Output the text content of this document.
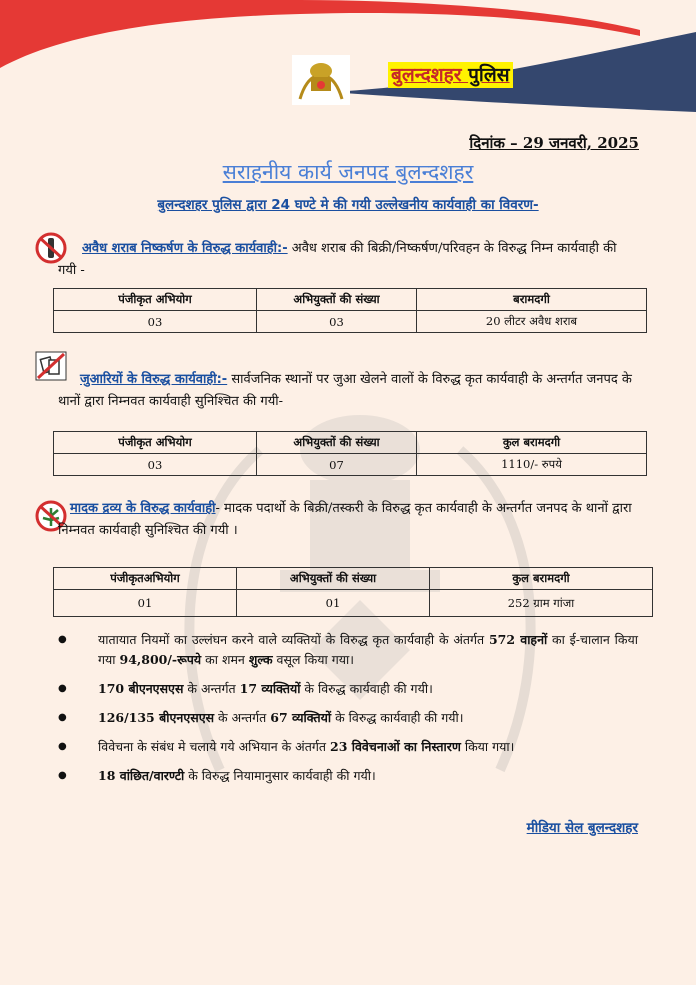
बुलन्दशहर पुलिस
दिनांक – 29 जनवरी, 2025
सराहनीय कार्य जनपद बुलन्दशहर
बुलन्दशहर पुलिस द्वारा 24 घण्टे मे की गयी उल्लेखनीय कार्यवाही का विवरण-
अवैध शराब निष्कर्षण के विरुद्ध कार्यवाही:- अवैध शराब की बिक्री/निष्कर्षण/परिवहन के विरुद्ध निम्न कार्यवाही की गयी -
पंजीकृत अभियोग	अभियुक्तों की संख्या	बरामदगी
03	03	20 लीटर अवैध शराब
जुआरियों के विरुद्ध कार्यवाही:- सार्वजनिक स्थानों पर जुआ खेलने वालों के विरुद्ध कृत कार्यवाही के अन्तर्गत जनपद के थानों द्वारा निम्नवत कार्यवाही सुनिश्चित की गयी-
पंजीकृत अभियोग	अभियुक्तों की संख्या	कुल बरामदगी
03	07	1110/- रुपये
मादक द्रव्य के विरुद्ध कार्यवाही- मादक पदार्थो के बिक्री/तस्करी के विरुद्ध कृत कार्यवाही के अन्तर्गत जनपद के थानों द्वारा निम्नवत कार्यवाही सुनिश्चित की गयी ।
पंजीकृतअभियोग	अभियुक्तों की संख्या	कुल बरामदगी
01	01	252 ग्राम गांजा
● यातायात नियमों का उल्लंघन करने वाले व्यक्तियों के विरुद्ध कृत कार्यवाही के अंतर्गत 572 वाहनों का ई-चालान किया गया 94,800/-रूपये का शमन शुल्क वसूल किया गया।
● 170 बीएनएसएस के अन्तर्गत 17 व्यक्तियों के विरुद्ध कार्यवाही की गयी।
● 126/135 बीएनएसएस के अन्तर्गत 67 व्यक्तियों के विरुद्ध कार्यवाही की गयी।
● विवेचना के संबंध मे चलाये गये अभियान के अंतर्गत 23 विवेचनाओं का निस्तारण किया गया।
● 18 वांछित/वारण्टी के विरुद्ध नियामानुसार कार्यवाही की गयी।
मीडिया सेल बुलन्दशहर
